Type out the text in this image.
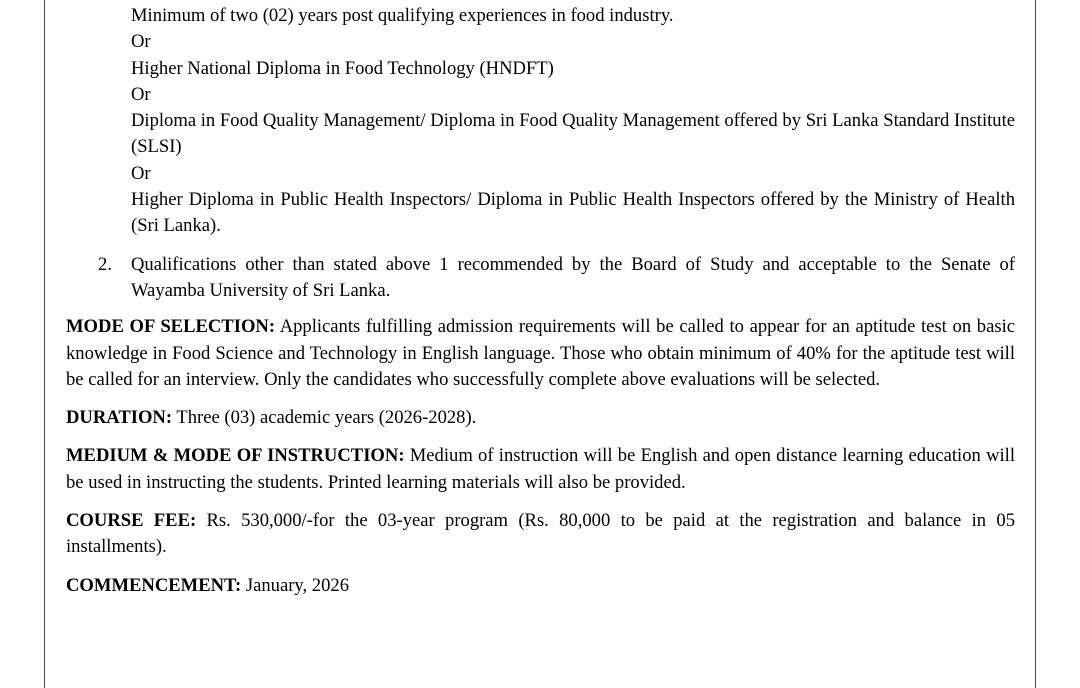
Minimum of two (02) years post qualifying experiences in food industry.
Or
Higher National Diploma in Food Technology (HNDFT)
Or
Diploma in Food Quality Management/ Diploma in Food Quality Management offered by Sri Lanka Standard Institute (SLSI)
Or
Higher Diploma in Public Health Inspectors/ Diploma in Public Health Inspectors offered by the Ministry of Health (Sri Lanka).
2. Qualifications other than stated above 1 recommended by the Board of Study and acceptable to the Senate of Wayamba University of Sri Lanka.
MODE OF SELECTION: Applicants fulfilling admission requirements will be called to appear for an aptitude test on basic knowledge in Food Science and Technology in English language. Those who obtain minimum of 40% for the aptitude test will be called for an interview. Only the candidates who successfully complete above evaluations will be selected.
DURATION: Three (03) academic years (2026-2028).
MEDIUM & MODE OF INSTRUCTION: Medium of instruction will be English and open distance learning education will be used in instructing the students. Printed learning materials will also be provided.
COURSE FEE: Rs. 530,000/-for the 03-year program (Rs. 80,000 to be paid at the registration and balance in 05 installments).
COMMENCEMENT: January, 2026
